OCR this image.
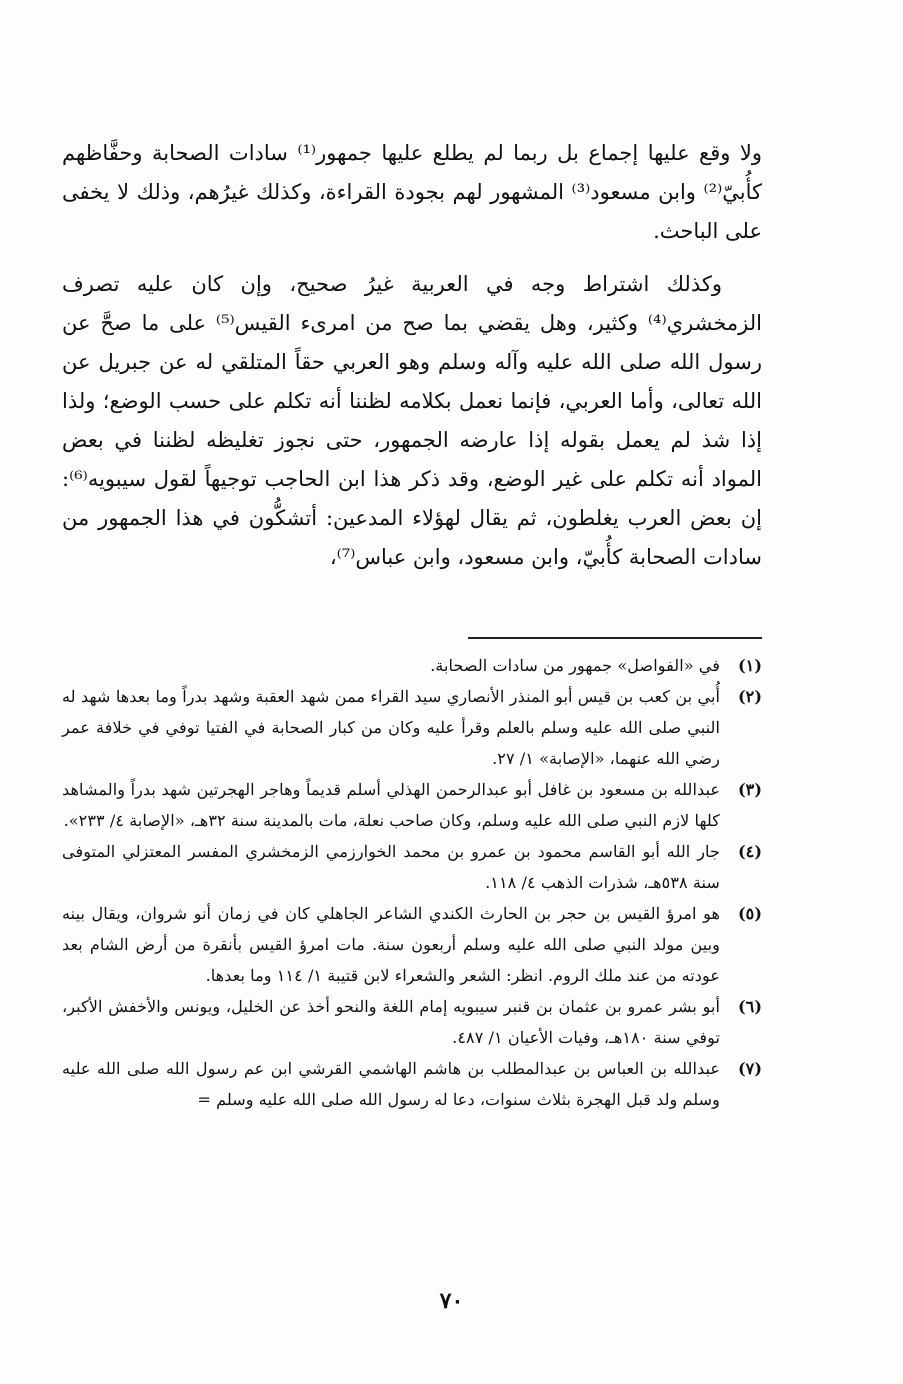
ولا وقع عليها إجماع بل ربما لم يطلع عليها جمهور⁽¹⁾ سادات الصحابة وحفَّاظهم كأُبيّ⁽²⁾ وابن مسعود⁽³⁾ المشهور لهم بجودة القراءة، وكذلك غيرُهم، وذلك لا يخفى على الباحث.

وكذلك اشتراط وجه في العربية غيرُ صحيح، وإن كان عليه تصرف الزمخشري⁽⁴⁾ وكثير، وهل يقضي بما صح من امرىء القيس⁽⁵⁾ على ما صحَّ عن رسول الله صلى الله عليه وآله وسلم وهو العربي حقاً المتلقي له عن جبريل عن الله تعالى، وأما العربي، فإنما نعمل بكلامه لظننا أنه تكلم على حسب الوضع؛ ولذا إذا شذ لم يعمل بقوله إذا عارضه الجمهور، حتى نجوز تغليظه لظننا في بعض المواد أنه تكلم على غير الوضع، وقد ذكر هذا ابن الحاجب توجيهاً لقول سيبويه⁽⁶⁾: إن بعض العرب يغلطون، ثم يقال لهؤلاء المدعين: أتشكُّون في هذا الجمهور من سادات الصحابة كأُبيّ، وابن مسعود، وابن عباس⁽⁷⁾،

(١)
في «الفواصل» جمهور من سادات الصحابة.
(٢)
أُبي بن كعب بن قيس أبو المنذر الأنصاري سيد القراء ممن شهد العقبة وشهد بدراً وما بعدها شهد له النبي صلى الله عليه وسلم بالعلم وقرأ عليه وكان من كبار الصحابة في الفتيا توفي في خلافة عمر رضي الله عنهما، «الإصابة» ١/ ٢٧.
(٣)
عبدالله بن مسعود بن غافل أبو عبدالرحمن الهذلي أسلم قديماً وهاجر الهجرتين شهد بدراً والمشاهد كلها لازم النبي صلى الله عليه وسلم، وكان صاحب نعلة، مات بالمدينة سنة ٣٢هـ، «الإصابة ٤/ ٢٣٣».
(٤)
جار الله أبو القاسم محمود بن عمرو بن محمد الخوارزمي الزمخشري المفسر المعتزلي المتوفى سنة ٥٣٨هـ، شذرات الذهب ٤/ ١١٨.
(٥)
هو امرؤ القيس بن حجر بن الحارث الكندي الشاعر الجاهلي كان في زمان أنو شروان، ويقال بينه وبين مولد النبي صلى الله عليه وسلم أربعون سنة. مات امرؤ القيس بأنقرة من أرض الشام بعد عودته من عند ملك الروم. انظر: الشعر والشعراء لابن قتيبة ١/ ١١٤ وما بعدها.
(٦)
أبو بشر عمرو بن عثمان بن قنبر سيبويه إمام اللغة والنحو أخذ عن الخليل، ويونس والأخفش الأكبر، توفي سنة ١٨٠هـ، وفيات الأعيان ١/ ٤٨٧.
(٧)
عبدالله بن العباس بن عبدالمطلب بن هاشم الهاشمي القرشي ابن عم رسول الله صلى الله عليه وسلم ولد قبل الهجرة بثلاث سنوات، دعا له رسول الله صلى الله عليه وسلم =
٧٠
